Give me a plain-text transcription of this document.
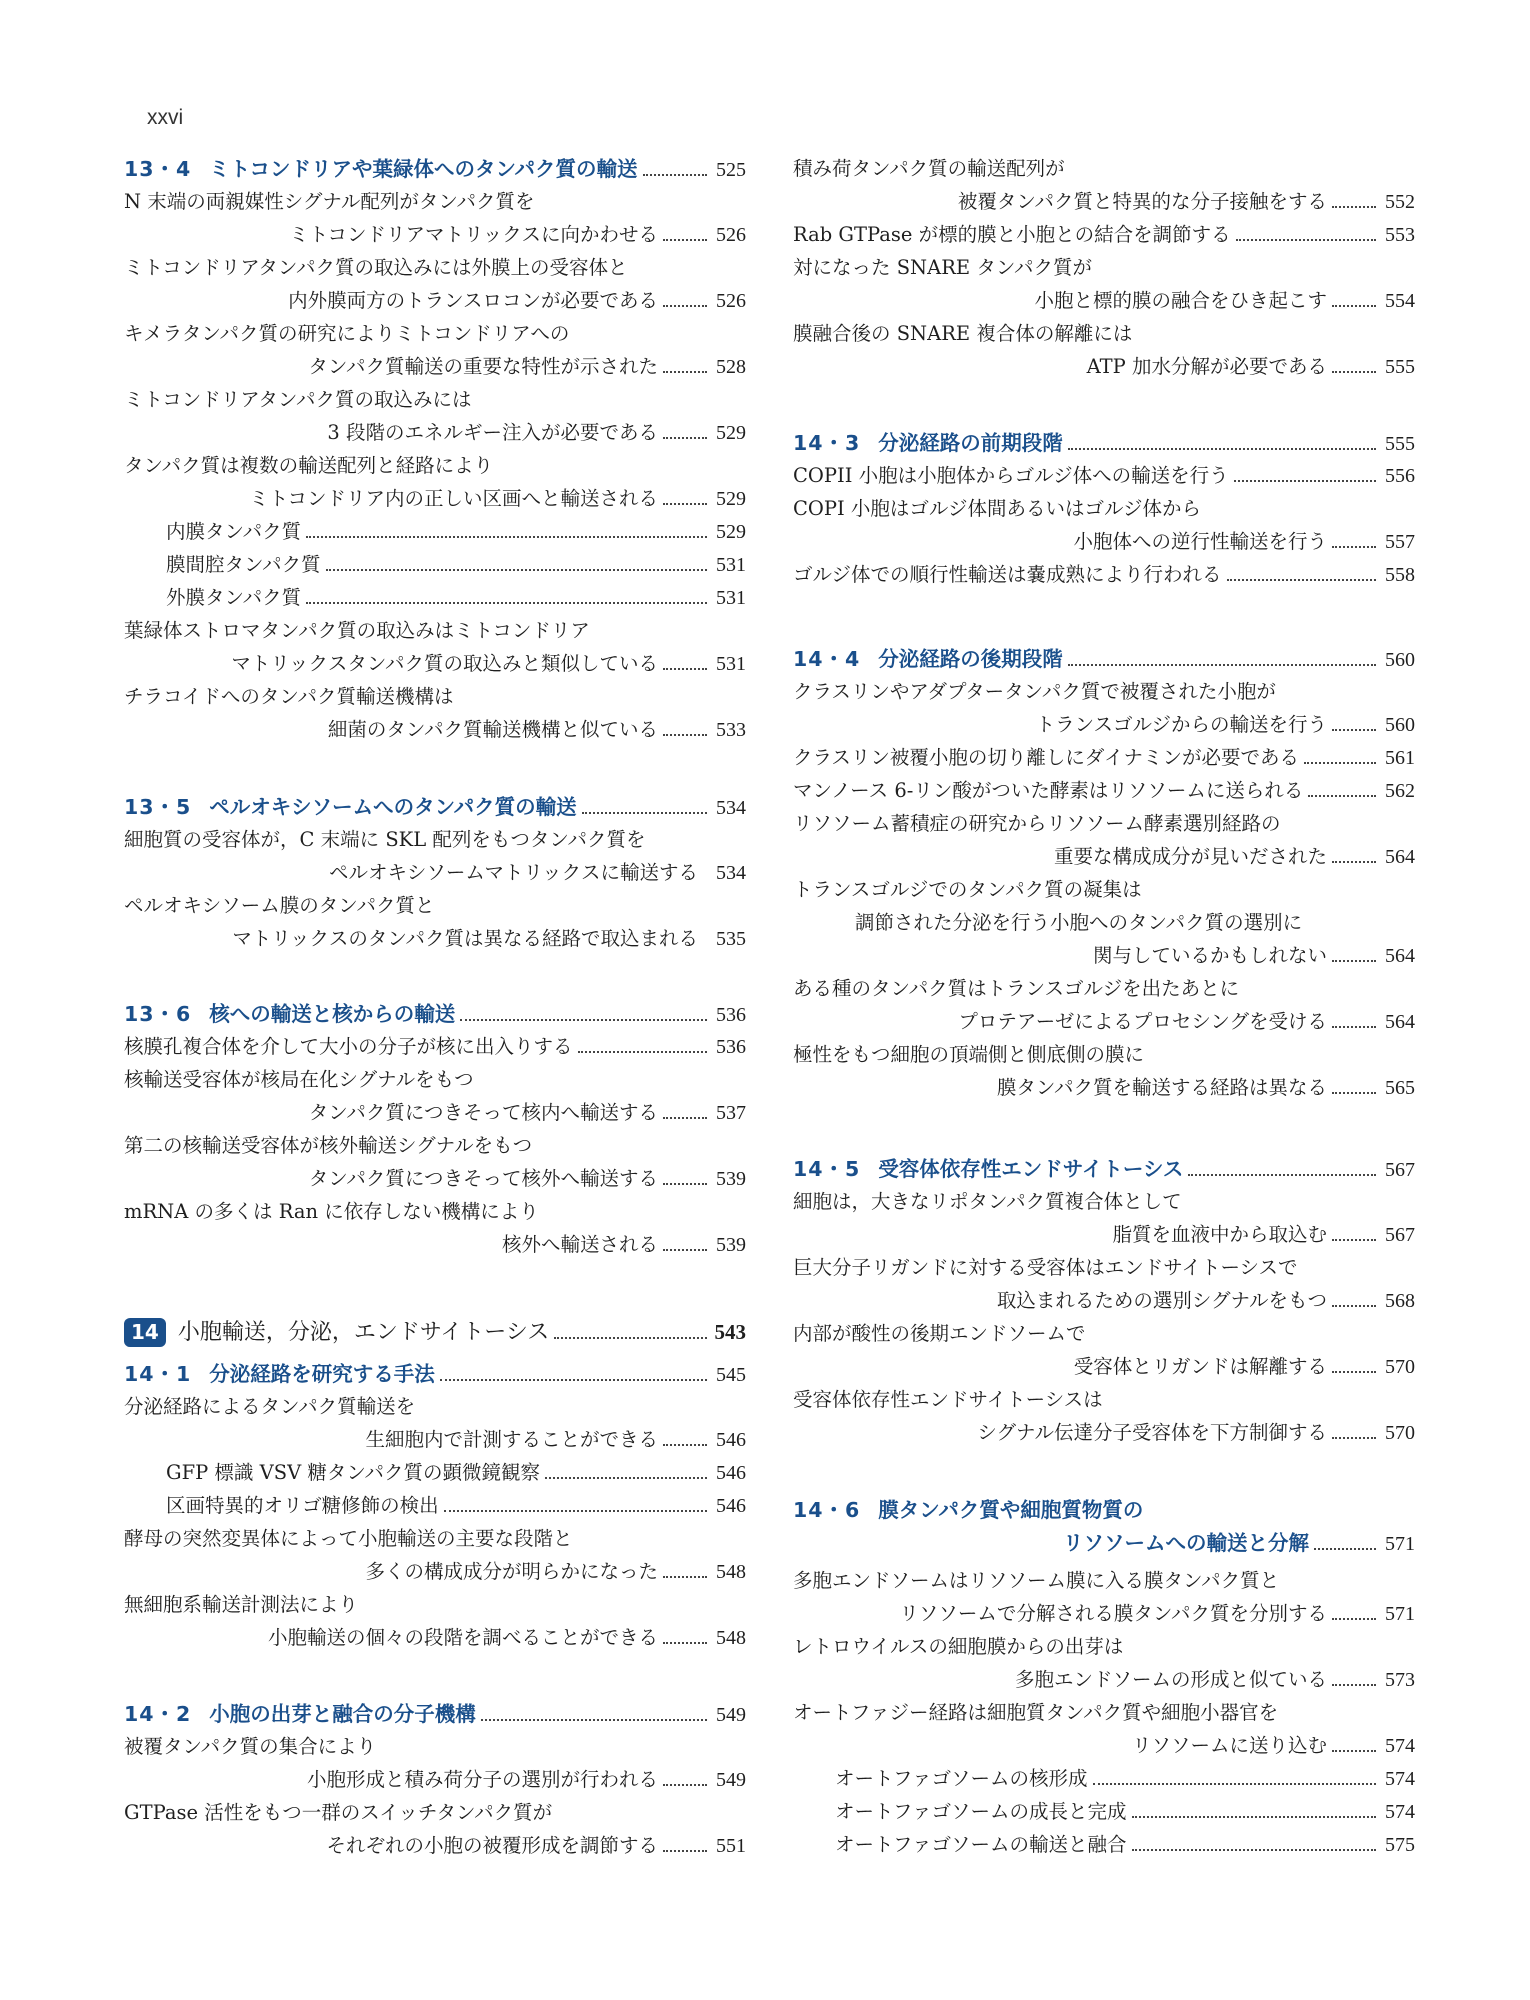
xxvi
13・4 ミトコンドリアや葉緑体へのタンパク質の輸送	525
N 末端の両親媒性シグナル配列がタンパク質を
ミトコンドリアマトリックスに向かわせる	526
ミトコンドリアタンパク質の取込みには外膜上の受容体と
内外膜両方のトランスロコンが必要である	526
キメラタンパク質の研究によりミトコンドリアへの
タンパク質輸送の重要な特性が示された	528
ミトコンドリアタンパク質の取込みには
3 段階のエネルギー注入が必要である	529
タンパク質は複数の輸送配列と経路により
ミトコンドリア内の正しい区画へと輸送される	529
内膜タンパク質	529
膜間腔タンパク質	531
外膜タンパク質	531
葉緑体ストロマタンパク質の取込みはミトコンドリア
マトリックスタンパク質の取込みと類似している	531
チラコイドへのタンパク質輸送機構は
細菌のタンパク質輸送機構と似ている	533
13・5 ペルオキシソームへのタンパク質の輸送	534
細胞質の受容体が，C 末端に SKL 配列をもつタンパク質を
ペルオキシソームマトリックスに輸送する 534
ペルオキシソーム膜のタンパク質と
マトリックスのタンパク質は異なる経路で取込まれる 535
13・6 核への輸送と核からの輸送	536
核膜孔複合体を介して大小の分子が核に出入りする	536
核輸送受容体が核局在化シグナルをもつ
タンパク質につきそって核内へ輸送する	537
第二の核輸送受容体が核外輸送シグナルをもつ
タンパク質につきそって核外へ輸送する	539
mRNA の多くは Ran に依存しない機構により
核外へ輸送される	539
14 小胞輸送，分泌，エンドサイトーシス	543
14・1 分泌経路を研究する手法	545
分泌経路によるタンパク質輸送を
生細胞内で計測することができる	546
GFP 標識 VSV 糖タンパク質の顕微鏡観察	546
区画特異的オリゴ糖修飾の検出	546
酵母の突然変異体によって小胞輸送の主要な段階と
多くの構成成分が明らかになった	548
無細胞系輸送計測法により
小胞輸送の個々の段階を調べることができる	548
14・2 小胞の出芽と融合の分子機構	549
被覆タンパク質の集合により
小胞形成と積み荷分子の選別が行われる	549
GTPase 活性をもつ一群のスイッチタンパク質が
それぞれの小胞の被覆形成を調節する	551
積み荷タンパク質の輸送配列が
被覆タンパク質と特異的な分子接触をする	552
Rab GTPase が標的膜と小胞との結合を調節する	553
対になった SNARE タンパク質が
小胞と標的膜の融合をひき起こす	554
膜融合後の SNARE 複合体の解離には
ATP 加水分解が必要である	555
14・3 分泌経路の前期段階	555
COPII 小胞は小胞体からゴルジ体への輸送を行う	556
COPI 小胞はゴルジ体間あるいはゴルジ体から
小胞体への逆行性輸送を行う	557
ゴルジ体での順行性輸送は嚢成熟により行われる	558
14・4 分泌経路の後期段階	560
クラスリンやアダプタータンパク質で被覆された小胞が
トランスゴルジからの輸送を行う	560
クラスリン被覆小胞の切り離しにダイナミンが必要である	561
マンノース 6-リン酸がついた酵素はリソソームに送られる	562
リソソーム蓄積症の研究からリソソーム酵素選別経路の
重要な構成成分が見いだされた	564
トランスゴルジでのタンパク質の凝集は
調節された分泌を行う小胞へのタンパク質の選別に
関与しているかもしれない	564
ある種のタンパク質はトランスゴルジを出たあとに
プロテアーゼによるプロセシングを受ける	564
極性をもつ細胞の頂端側と側底側の膜に
膜タンパク質を輸送する経路は異なる	565
14・5 受容体依存性エンドサイトーシス	567
細胞は，大きなリポタンパク質複合体として
脂質を血液中から取込む	567
巨大分子リガンドに対する受容体はエンドサイトーシスで
取込まれるための選別シグナルをもつ	568
内部が酸性の後期エンドソームで
受容体とリガンドは解離する	570
受容体依存性エンドサイトーシスは
シグナル伝達分子受容体を下方制御する	570
14・6 膜タンパク質や細胞質物質の
リソソームへの輸送と分解	571
多胞エンドソームはリソソーム膜に入る膜タンパク質と
リソソームで分解される膜タンパク質を分別する	571
レトロウイルスの細胞膜からの出芽は
多胞エンドソームの形成と似ている	573
オートファジー経路は細胞質タンパク質や細胞小器官を
リソソームに送り込む	574
オートファゴソームの核形成	574
オートファゴソームの成長と完成	574
オートファゴソームの輸送と融合	575
